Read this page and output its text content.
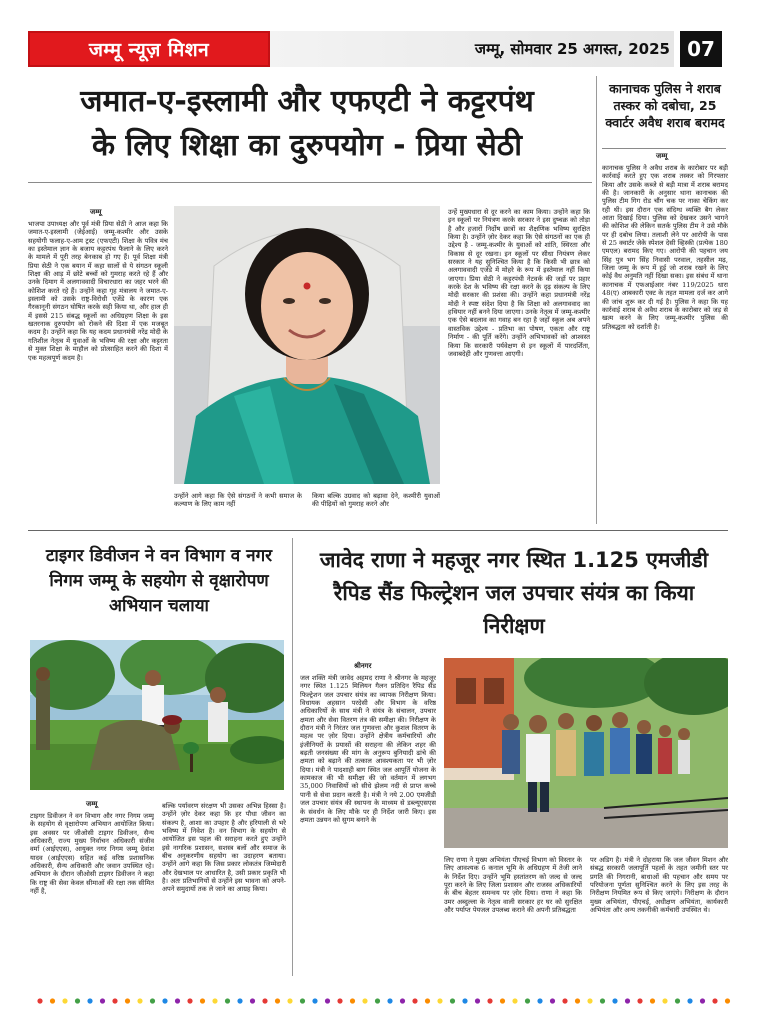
जम्मू न्यूज़ मिशन	जम्मू, सोमवार 25 अगस्त, 2025 07
जमात-ए-इस्लामी और एफएटी ने कट्टरपंथ
के लिए शिक्षा का दुरुपयोग - प्रिया सेठी
जम्मू
भाजपा उपाध्यक्ष और पूर्व मंत्री प्रिया सेठी ने आज कहा कि जमात-ए-इस्लामी (जेईआई) जम्मू-कश्मीर और उसके सहयोगी फलाह-ए-आम ट्रस्ट (एफएटी) शिक्षा के पवित्र मंच का इस्तेमाल ज्ञान के बजाय कट्टरपंथ फैलाने के लिए करने के मामले में पूरी तरह बेनकाब हो गए हैं। पूर्व शिक्षा मंत्री प्रिया सेठी ने एक बयान में कहा सालों से ये संगठन स्कूली शिक्षा की आड़ में छोटे बच्चों को गुमराह करते रहे हैं और उनके दिमाग में अलगाववादी विचारधारा का जहर भरने की कोशिश करते रहे हैं। उन्होंने कहा गृह मंत्रालय ने जमात-ए-इस्लामी को उसके राष्ट्र-विरोधी एजेंडे के कारण एक गैरकानूनी संगठन घोषित करके सही किया था, और हाल ही में इससे 215 संबद्ध स्कूलों का अधिग्रहण शिक्षा के इस खतरनाक दुरुपयोग को रोकने की दिशा में एक मजबूत कदम है। उन्होंने कहा कि यह कदम प्रधानमंत्री नरेंद्र मोदी के गतिशील नेतृत्व में युवाओं के भविष्य की रक्षा और कट्टरता से मुक्त शिक्षा के माहौल को प्रोत्साहित करने की दिशा में एक महत्वपूर्ण कदम है।
उन्होंने आगे कहा कि ऐसे संगठनों ने कभी समाज के कल्याण के लिए काम नहीं
किया बल्कि उग्रवाद को बढ़ावा देने, कश्मीरी युवाओं की पीढ़ियों को गुमराह करने और
उन्हें मुख्यधारा से दूर करने का काम किया। उन्होंने कहा कि इन स्कूलों पर नियंत्रण करके सरकार ने इस दुष्चक्र को तोड़ा है और हजारों निर्दोष छात्रों का शैक्षणिक भविष्य सुरक्षित किया है। उन्होंने ज़ोर देकर कहा कि ऐसे संगठनों का एक ही उद्देश्य है - जम्मू-कश्मीर के युवाओं को शांति, स्थिरता और विकास से दूर रखना। इन स्कूलों पर सीधा नियंत्रण लेकर सरकार ने यह सुनिश्चित किया है कि किसी भी छात्र को अलगाववादी एजेंडे में मोहरे के रूप में इस्तेमाल नहीं किया जाएगा। प्रिया सेठी ने कट्टरपंथी नेटवर्क की जड़ों पर प्रहार करके देश के भविष्य की रक्षा करने के दृढ़ संकल्प के लिए मोदी सरकार की प्रशंसा की। उन्होंने कहा प्रधानमंत्री नरेंद्र मोदी ने स्पष्ट संदेश दिया है कि शिक्षा को अलगाववाद का हथियार नहीं बनने दिया जाएगा। उनके नेतृत्व में जम्मू-कश्मीर एक ऐसे बदलाव का गवाह बन रहा है जहाँ स्कूल अब अपने वास्तविक उद्देश्य - प्रतिभा का पोषण, एकता और राष्ट्र निर्माण - की पूर्ति करेंगे। उन्होंने अभिभावकों को आश्वस्त किया कि सरकारी पर्यवेक्षण से इन स्कूलों में पारदर्शिता, जवाबदेही और गुणवत्ता आएगी।
कानाचक पुलिस ने शराब तस्कर को दबोचा, 25 क्वार्टर अवैध शराब बरामद
जम्मू
कानाचक पुलिस ने अवैध शराब के कारोबार पर बड़ी कार्रवाई करते हुए एक शराब तस्कर को गिरफ्तार किया और उसके कब्जे से बड़ी मात्रा में शराब बरामद की है। जानकारी के अनुसार थाना कानाचक की पुलिस टीम गिग रोड चौंग चक पर नाका चेकिंग कर रही थी। इस दौरान एक संदिग्ध व्यक्ति बैग लेकर आता दिखाई दिया। पुलिस को देखकर उसने भागने की कोशिश की लेकिन सतर्क पुलिस टीम ने उसे मौके पर ही दबोच लिया। तलाशी लेने पर आरोपी के पास से 25 क्वार्टर जेके स्पेशल देसी व्हिस्की (प्रत्येक 180 एमएल) बरामद किए गए। आरोपी की पहचान जय सिंह पुत्र भग सिंह निवासी परवाल, तहसील मढ़, जिला जम्मू के रूप में हुई जो शराब रखने के लिए कोई वैध अनुमति नहीं दिखा सका। इस संबंध में थाना कानाचक में एफआईआर नंबर 119/2025 धारा 48(ए) आबकारी एक्ट के तहत मामला दर्ज कर आगे की जांच शुरू कर दी गई है। पुलिस ने कहा कि यह कार्रवाई शराब से अवैध शराब के कारोबार को जड़ से खत्म करने के लिए जम्मू-कश्मीर पुलिस की प्रतिबद्धता को दर्शाती है।
टाइगर डिवीजन ने वन विभाग व नगर निगम जम्मू के सहयोग से वृक्षारोपण अभियान चलाया
जम्मू
टाइगर डिवीजन ने वन विभाग और नगर निगम जम्मू के सहयोग से वृक्षारोपण अभियान आयोजित किया। इस अवसर पर जीओसी टाइगर डिवीजन, सैन्य अधिकारी, राज्य मुख्य निर्वाचन अधिकारी संजीव वर्मा (आईएएस), आयुक्त नगर निगम जम्मू देवांश यादव (आईएएस) सहित कई वरिष्ठ प्रशासनिक अधिकारी, सैन्य अधिकारी और जवान उपस्थित रहे। अभियान के दौरान जीओसी टाइगर डिवीजन ने कहा कि राष्ट्र की सेवा केवल सीमाओं की रक्षा तक सीमित नहीं है,
बल्कि पर्यावरण संरक्षण भी उसका अभिन्न हिस्सा है। उन्होंने ज़ोर देकर कहा कि हर पौधा जीवन का संकल्प है, आशा का उपहार है और हरियाली से भरे भविष्य में निवेश है। वन विभाग के सहयोग से आयोजित इस पहल की सराहना करते हुए उन्होंने इसे नागरिक प्रशासन, सशस्त्र बलों और समाज के बीच अनुकरणीय सहयोग का उदाहरण बताया। उन्होंने आगे कहा कि जिस प्रकार लोकतंत्र जिम्मेदारी और देखभाल पर आधारित है, उसी प्रकार प्रकृति भी है। अतः प्रतिभागियों से उन्होंने इस भावना को अपने-अपने समुदायों तक ले जाने का आग्रह किया।
जावेद राणा ने महजूर नगर स्थित 1.125 एमजीडी रैपिड सैंड फिल्ट्रेशन जल उपचार संयंत्र का किया निरीक्षण
श्रीनगर
जल शक्ति मंत्री जावेद अहमद राणा ने श्रीनगर के महजूर नगर स्थित 1.125 मिलियन गैलन प्रतिदिन रैपिड सैंड फिल्ट्रेशन जल उपचार संयंत्र का व्यापक निरीक्षण किया। विधायक अहसान परदेसी और विभाग के वरिष्ठ अधिकारियों के साथ मंत्री ने संयंत्र के संचालन, उपचार क्षमता और सेवा वितरण तंत्र की समीक्षा की। निरीक्षण के दौरान मंत्री ने निरंतर जल गुणवत्ता और कुशल वितरण के महत्व पर ज़ोर दिया। उन्होंने क्षेत्रीय कर्मचारियों और इंजीनियरों के प्रयासों की सराहना की लेकिन शहर की बढ़ती जनसंख्या की मांग के अनुरूप बुनियादी ढांचे की क्षमता को बढ़ाने की तत्काल आवश्यकता पर भी ज़ोर दिया। मंत्री ने पादशाही बाग स्थित जल आपूर्ति योजना के कामकाज की भी समीक्षा की जो वर्तमान में लगभग 35,000 निवासियों को सीधे झेलम नदी से प्राप्त कच्चे पानी से सेवा प्रदान करती है। मंत्री ने नये 2.00 एमजीडी जल उपचार संयंत्र की स्थापना के माध्यम से डब्ल्यूएसएस के संवर्धन के लिए मौके पर ही निर्देश जारी किए। इस क्षमता उन्नयन को सुगम बनाने के
लिए राणा ने मुख्य अभियंता पीएचई विभाग को विस्तार के लिए आवश्यक 6 कनाल भूमि के अधिग्रहण में तेजी लाने के निर्देश दिए। उन्होंने भूमि हस्तांतरण को जल्द से जल्द पूरा करने के लिए जिला प्रशासन और राजस्व अधिकारियों के बीच बेहतर समन्वय पर ज़ोर दिया। राणा ने कहा कि उमर अब्दुल्ला के नेतृत्व वाली सरकार हर घर को सुरक्षित और पर्याप्त पेयजल उपलब्ध कराने की अपनी प्रतिबद्धता
पर अडिग है। मंत्री ने दोहराया कि जल जीवन मिशन और संबद्ध सरकारी जलापूर्ति पहलों के तहत जमीनी स्तर पर प्रगति की निगरानी, बाधाओं की पहचान और समय पर परियोजना पूर्णता सुनिश्चित करने के लिए इस तरह के निरीक्षण नियमित रूप से किए जाएंगे। निरीक्षण के दौरान मुख्य अभियंता, पीएचई, अधीक्षण अभियंता, कार्यकारी अभियंता और अन्य तकनीकी कर्मचारी उपस्थित थे।
